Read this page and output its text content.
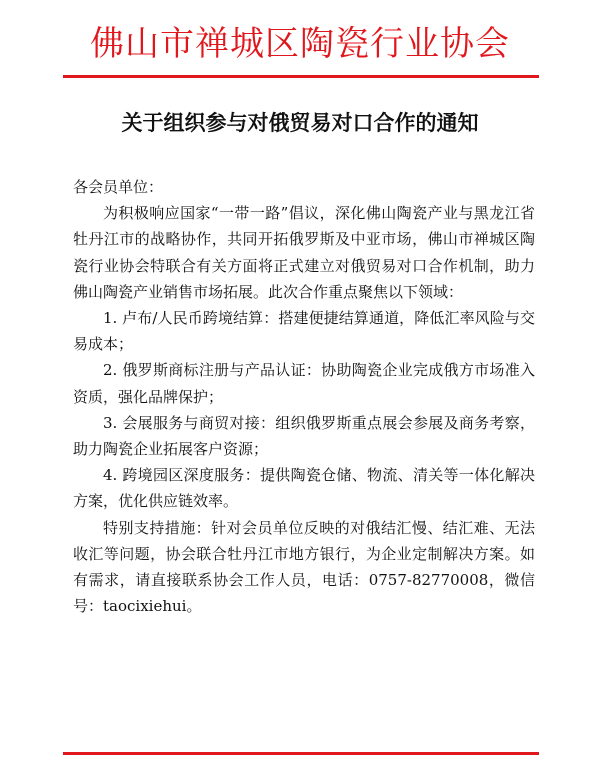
佛山市禅城区陶瓷行业协会
关于组织参与对俄贸易对口合作的通知

各会员单位：

为积极响应国家“一带一路”倡议，深化佛山陶瓷产业与黑龙江省牡丹江市的战略协作，共同开拓俄罗斯及中亚市场，佛山市禅城区陶瓷行业协会特联合有关方面将正式建立对俄贸易对口合作机制，助力佛山陶瓷产业销售市场拓展。此次合作重点聚焦以下领域：

1. 卢布/人民币跨境结算：搭建便捷结算通道，降低汇率风险与交易成本；

2. 俄罗斯商标注册与产品认证：协助陶瓷企业完成俄方市场准入资质，强化品牌保护；

3. 会展服务与商贸对接：组织俄罗斯重点展会参展及商务考察，助力陶瓷企业拓展客户资源；

4. 跨境园区深度服务：提供陶瓷仓储、物流、清关等一体化解决方案，优化供应链效率。

特别支持措施：针对会员单位反映的对俄结汇慢、结汇难、无法收汇等问题，协会联合牡丹江市地方银行，为企业定制解决方案。如有需求，请直接联系协会工作人员，电话：0757-82770008，微信号：taocixiehui。
